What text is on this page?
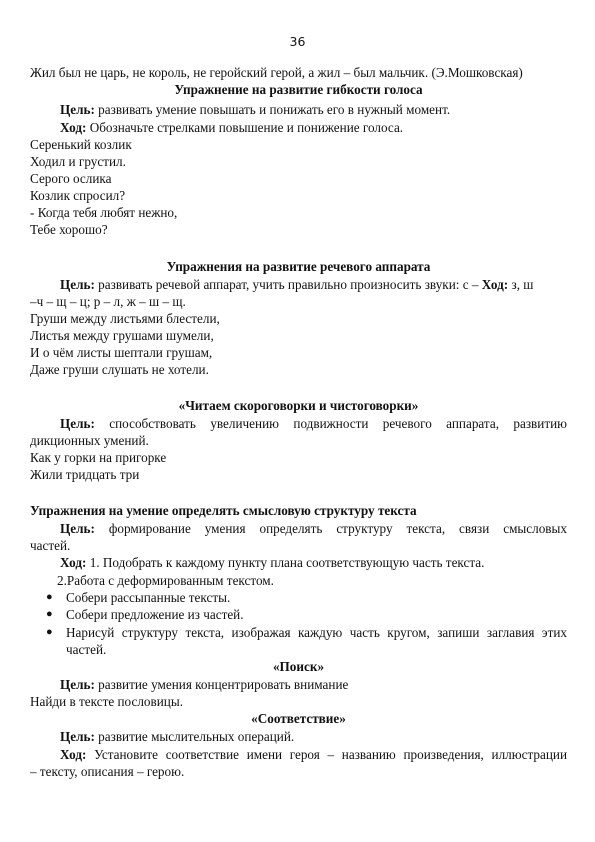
36
Жил был не царь, не король, не геройский герой, а жил – был мальчик. (Э.Мошковская)
Упражнение на развитие гибкости голоса
Цель: развивать умение повышать и понижать его в нужный момент.
Ход: Обозначьте стрелками повышение и понижение голоса.
Серенький козлик
Ходил и грустил.
Серого ослика
Козлик спросил?
- Когда тебя любят нежно,
Тебе хорошо?
Упражнения на развитие речевого аппарата
Цель: развивать речевой аппарат, учить правильно произносить звуки: с – Ход: з, ш
–ч – щ – ц; р – л, ж – ш – щ.
Груши между листьями блестели,
Листья между грушами шумели,
И о чём листы шептали грушам,
Даже груши слушать не хотели.
«Читаем скороговорки и чистоговорки»
Цель: способствовать увеличению подвижности речевого аппарата, развитию
дикционных умений.
Как у горки на пригорке
Жили тридцать три
Упражнения на умение определять смысловую структуру текста
Цель: формирование умения определять структуру текста, связи смысловых
частей.
Ход: 1. Подобрать к каждому пункту плана соответствующую часть текста.
2.Работа с деформированным текстом.
● Собери рассыпанные тексты.
● Собери предложение из частей.
● Нарисуй структуру текста, изображая каждую часть кругом, запиши заглавия этих
частей.
«Поиск»
Цель: развитие умения концентрировать внимание
Найди в тексте пословицы.
«Соответствие»
Цель: развитие мыслительных операций.
Ход: Установите соответствие имени героя – названию произведения, иллюстрации
– тексту, описания – герою.
